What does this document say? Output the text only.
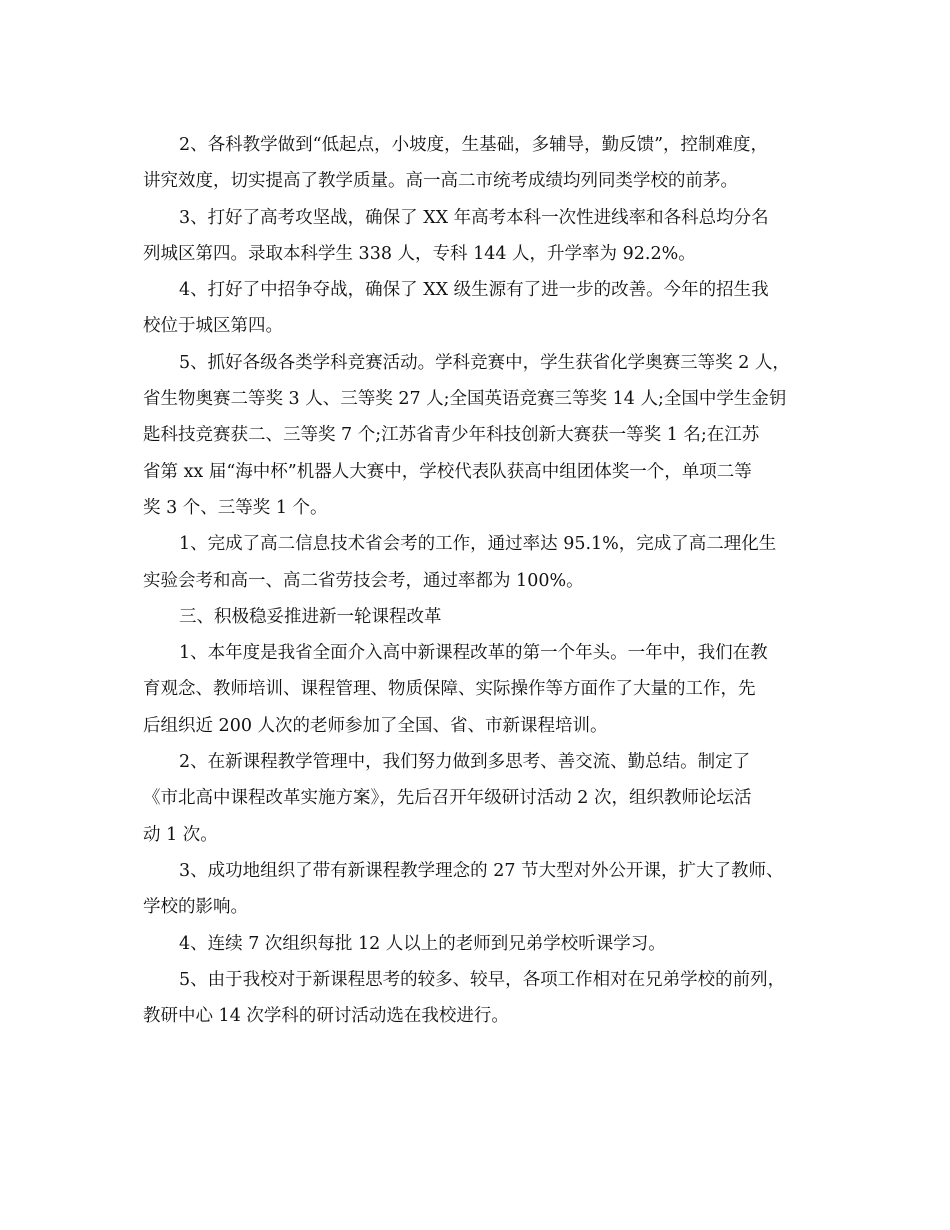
2、各科教学做到“低起点，小坡度，生基础，多辅导，勤反馈”，控制难度，
讲究效度，切实提高了教学质量。高一高二市统考成绩均列同类学校的前茅。

3、打好了高考攻坚战，确保了 XX 年高考本科一次性进线率和各科总均分名
列城区第四。录取本科学生 338 人，专科 144 人，升学率为 92.2%。

4、打好了中招争夺战，确保了 XX 级生源有了进一步的改善。今年的招生我
校位于城区第四。

5、抓好各级各类学科竞赛活动。学科竞赛中，学生获省化学奥赛三等奖 2 人，
省生物奥赛二等奖 3 人、三等奖 27 人;全国英语竞赛三等奖 14 人;全国中学生金钥
匙科技竞赛获二、三等奖 7 个;江苏省青少年科技创新大赛获一等奖 1 名;在江苏
省第 xx 届“海中杯”机器人大赛中，学校代表队获高中组团体奖一个，单项二等
奖 3 个、三等奖 1 个。

1、完成了高二信息技术省会考的工作，通过率达 95.1%，完成了高二理化生
实验会考和高一、高二省劳技会考，通过率都为 100%。

三、积极稳妥推进新一轮课程改革

1、本年度是我省全面介入高中新课程改革的第一个年头。一年中，我们在教
育观念、教师培训、课程管理、物质保障、实际操作等方面作了大量的工作，先
后组织近 200 人次的老师参加了全国、省、市新课程培训。

2、在新课程教学管理中，我们努力做到多思考、善交流、勤总结。制定了
《市北高中课程改革实施方案》，先后召开年级研讨活动 2 次，组织教师论坛活
动 1 次。

3、成功地组织了带有新课程教学理念的 27 节大型对外公开课，扩大了教师、
学校的影响。

4、连续 7 次组织每批 12 人以上的老师到兄弟学校听课学习。

5、由于我校对于新课程思考的较多、较早，各项工作相对在兄弟学校的前列，
教研中心 14 次学科的研讨活动选在我校进行。
